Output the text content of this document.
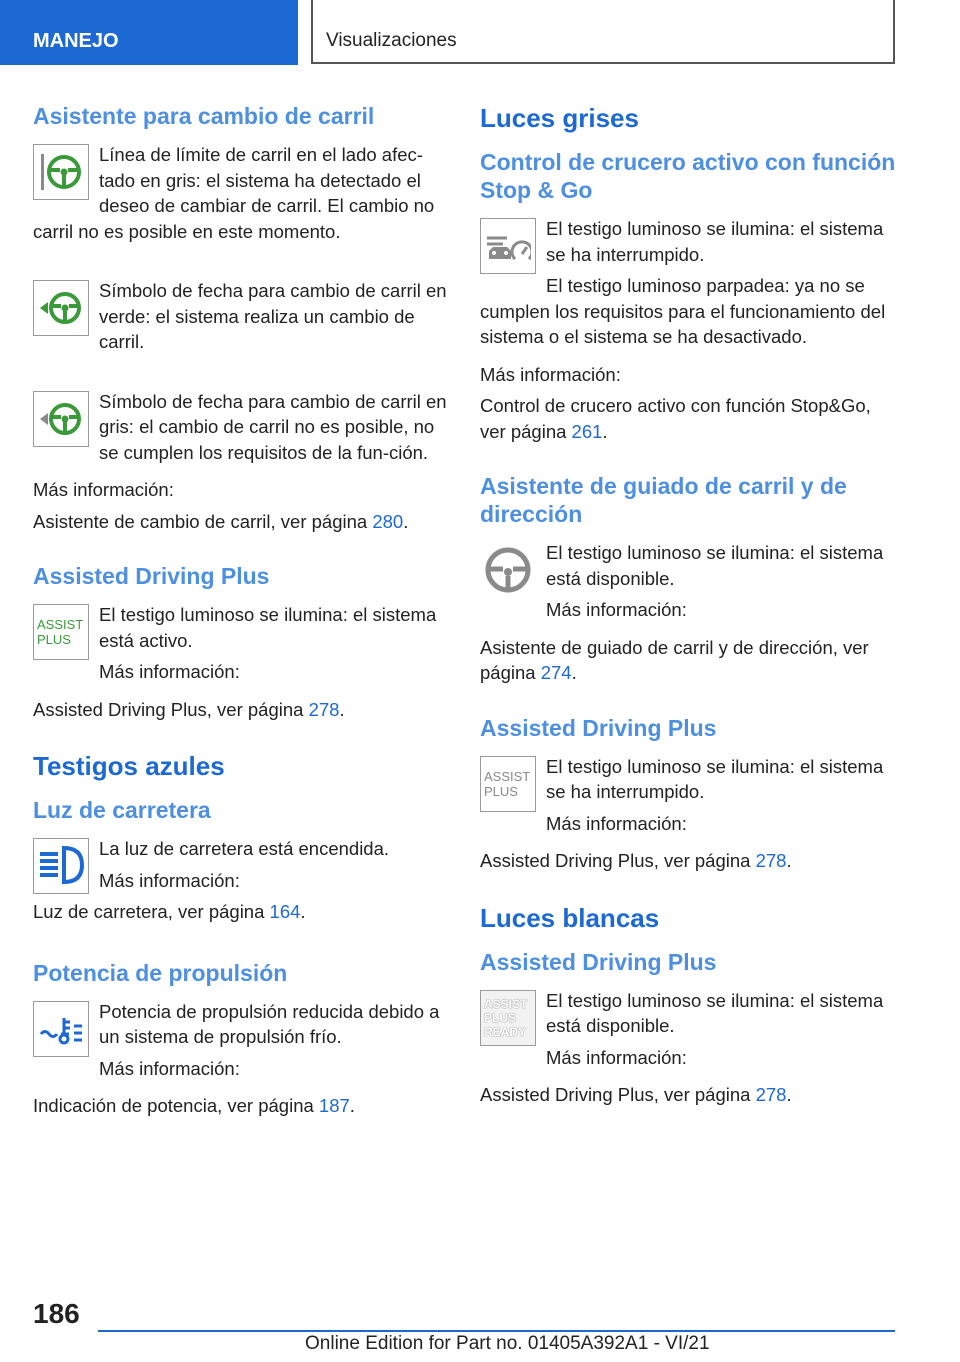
MANEJO	Visualizaciones
Asistente para cambio de carril
Línea de límite de carril en el lado afec-tado en gris: el sistema ha detectado el deseo de cambiar de carril. El cambio no carril no es posible en este momento.
Símbolo de fecha para cambio de carril en verde: el sistema realiza un cambio de carril.
Símbolo de fecha para cambio de carril en gris: el cambio de carril no es posible, no se cumplen los requisitos de la fun-ción.
Más información:
Asistente de cambio de carril, ver página 280.
Assisted Driving Plus
ASSIST PLUS
El testigo luminoso se ilumina: el sistema está activo.
Más información:
Assisted Driving Plus, ver página 278.
Testigos azules
Luz de carretera
La luz de carretera está encendida.
Más información:
Luz de carretera, ver página 164.
Potencia de propulsión
Potencia de propulsión reducida debido a un sistema de propulsión frío.
Más información:
Indicación de potencia, ver página 187.
Luces grises
Control de crucero activo con función Stop & Go
El testigo luminoso se ilumina: el sistema se ha interrumpido.
El testigo luminoso parpadea: ya no se cumplen los requisitos para el funcionamiento del sistema o el sistema se ha desactivado.
Más información:
Control de crucero activo con función Stop&Go, ver página 261.
Asistente de guiado de carril y de dirección
El testigo luminoso se ilumina: el sistema está disponible.
Más información:
Asistente de guiado de carril y de dirección, ver página 274.
Assisted Driving Plus
ASSIST PLUS
El testigo luminoso se ilumina: el sistema se ha interrumpido.
Más información:
Assisted Driving Plus, ver página 278.
Luces blancas
Assisted Driving Plus
ASSIST PLUS READY
El testigo luminoso se ilumina: el sistema está disponible.
Más información:
Assisted Driving Plus, ver página 278.
186
Online Edition for Part no. 01405A392A1 - VI/21
